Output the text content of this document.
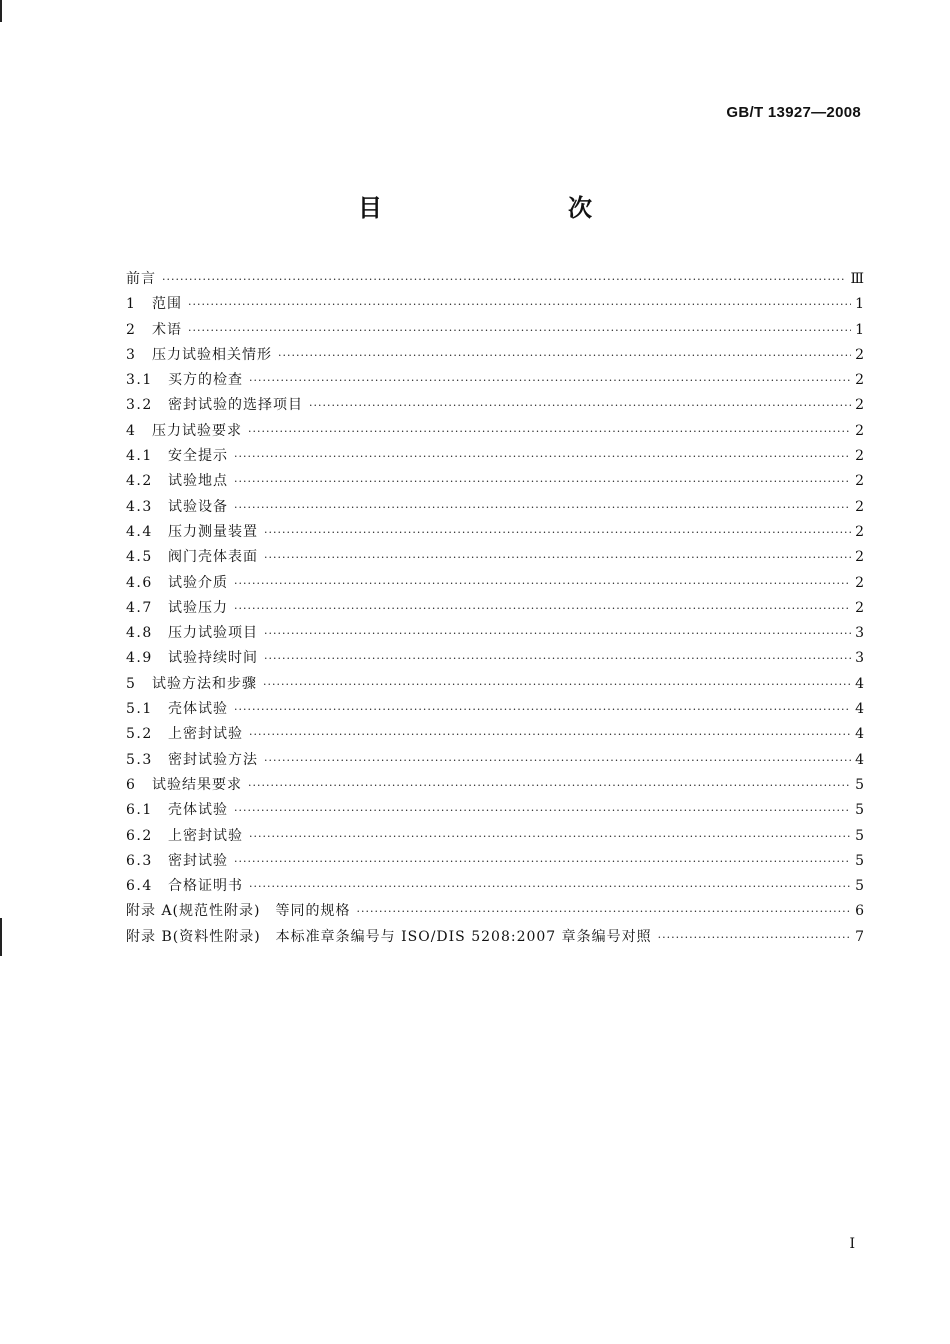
GB/T 13927—2008
目　　次
前言 ·····	Ⅲ
1	范围 ·····	1
2	术语 ·····	1
3	压力试验相关情形 ·····	2
3.1	买方的检查 ·····	2
3.2	密封试验的选择项目 ·····	2
4	压力试验要求 ·····	2
4.1	安全提示 ·····	2
4.2	试验地点 ·····	2
4.3	试验设备 ·····	2
4.4	压力测量装置 ·····	2
4.5	阀门壳体表面 ·····	2
4.6	试验介质 ·····	2
4.7	试验压力 ·····	2
4.8	压力试验项目 ·····	3
4.9	试验持续时间 ·····	3
5	试验方法和步骤 ·····	4
5.1	壳体试验 ·····	4
5.2	上密封试验 ·····	4
5.3	密封试验方法 ·····	4
6	试验结果要求 ·····	5
6.1	壳体试验 ·····	5
6.2	上密封试验 ·····	5
6.3	密封试验 ·····	5
6.4	合格证明书 ·····	5
附录 A(规范性附录)　等同的规格 ·····	6
附录 B(资料性附录)　本标准章条编号与 ISO/DIS 5208:2007 章条编号对照 ·····	7
Ⅰ
